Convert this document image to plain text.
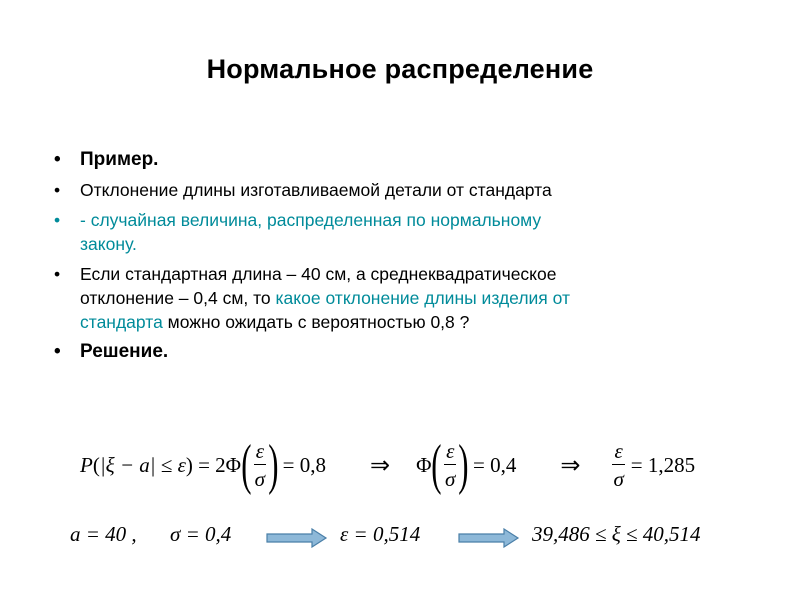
Нормальное распределение
•	Пример.
•	Отклонение длины изготавливаемой детали от стандарта
•	- случайная величина, распределенная по нормальному закону.
•	Если стандартная длина – 40 см, а среднеквадратическое отклонение – 0,4 см, то какое отклонение длины изделия от стандарта можно ожидать с вероятностью 0,8 ?
•	Решение.
P ( |ξ − a| ≤ ε ) = 2Φ ( $\frac{\varepsilon}{\sigma}$ ) = 0,8 ⇒ Φ ( $\frac{\varepsilon}{\sigma}$ ) = 0,4 ⇒ $\frac{\varepsilon}{\sigma} = 1,285$
a = 40 , σ = 0,4	ε = 0,514	39,486 ≤ ξ ≤ 40,514
